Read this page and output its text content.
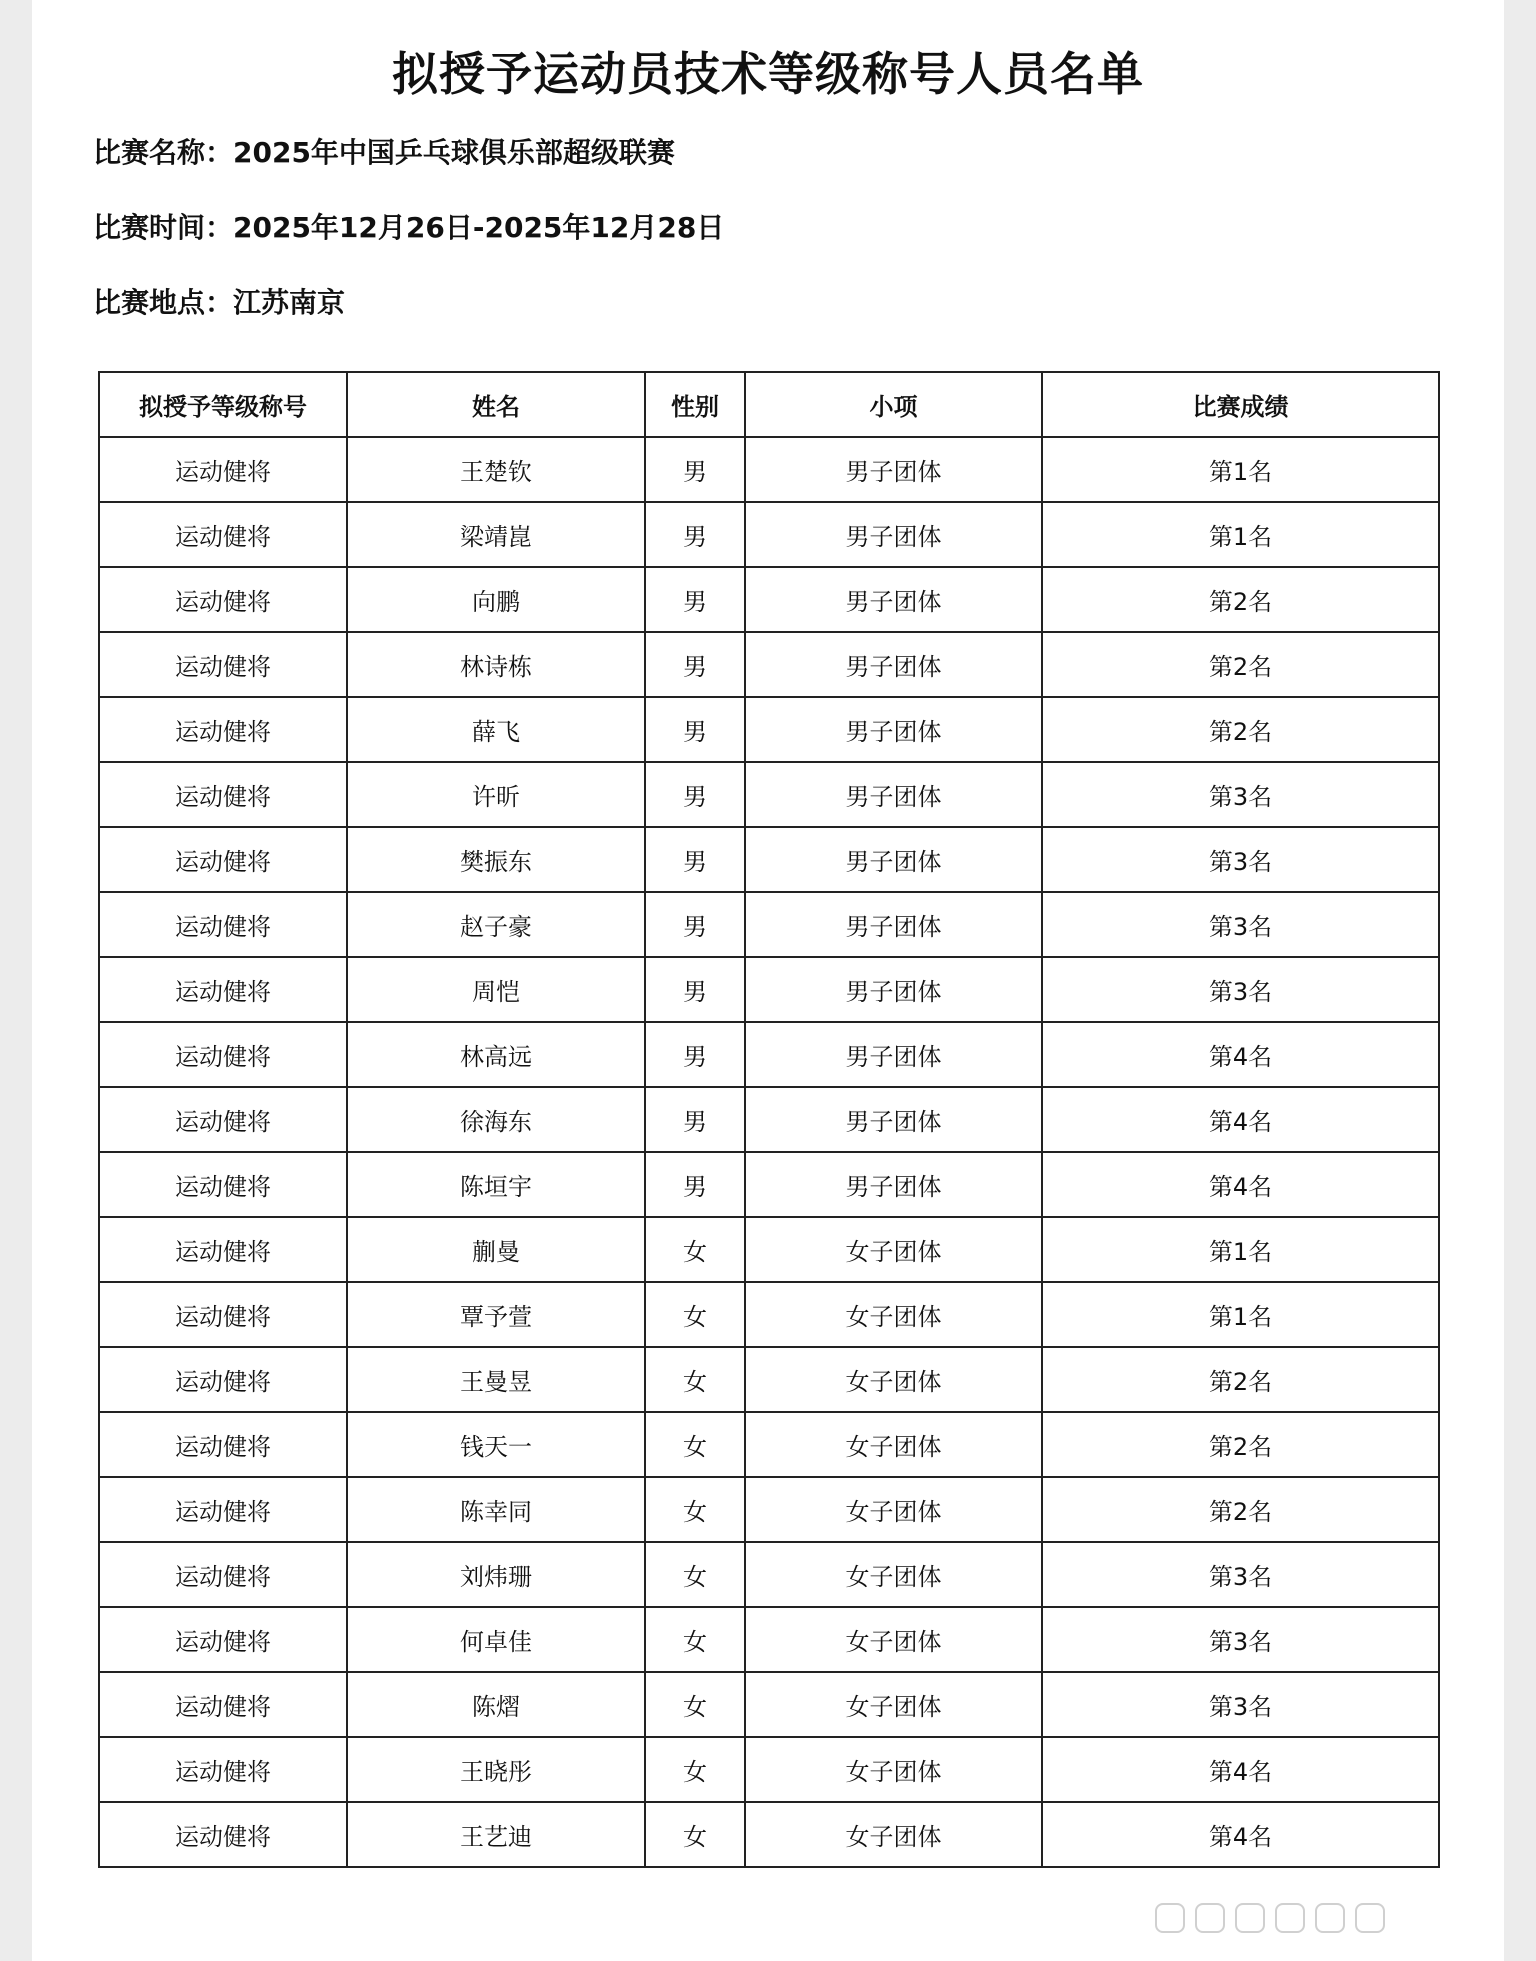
拟授予运动员技术等级称号人员名单
比赛名称：2025年中国乒乓球俱乐部超级联赛
比赛时间：2025年12月26日-2025年12月28日
比赛地点：江苏南京
拟授予等级称号	姓名	性别	小项	比赛成绩
运动健将	王楚钦	男	男子团体	第1名
运动健将	梁靖崑	男	男子团体	第1名
运动健将	向鹏	男	男子团体	第2名
运动健将	林诗栋	男	男子团体	第2名
运动健将	薛飞	男	男子团体	第2名
运动健将	许昕	男	男子团体	第3名
运动健将	樊振东	男	男子团体	第3名
运动健将	赵子豪	男	男子团体	第3名
运动健将	周恺	男	男子团体	第3名
运动健将	林高远	男	男子团体	第4名
运动健将	徐海东	男	男子团体	第4名
运动健将	陈垣宇	男	男子团体	第4名
运动健将	蒯曼	女	女子团体	第1名
运动健将	覃予萱	女	女子团体	第1名
运动健将	王曼昱	女	女子团体	第2名
运动健将	钱天一	女	女子团体	第2名
运动健将	陈幸同	女	女子团体	第2名
运动健将	刘炜珊	女	女子团体	第3名
运动健将	何卓佳	女	女子团体	第3名
运动健将	陈熠	女	女子团体	第3名
运动健将	王晓彤	女	女子团体	第4名
运动健将	王艺迪	女	女子团体	第4名
